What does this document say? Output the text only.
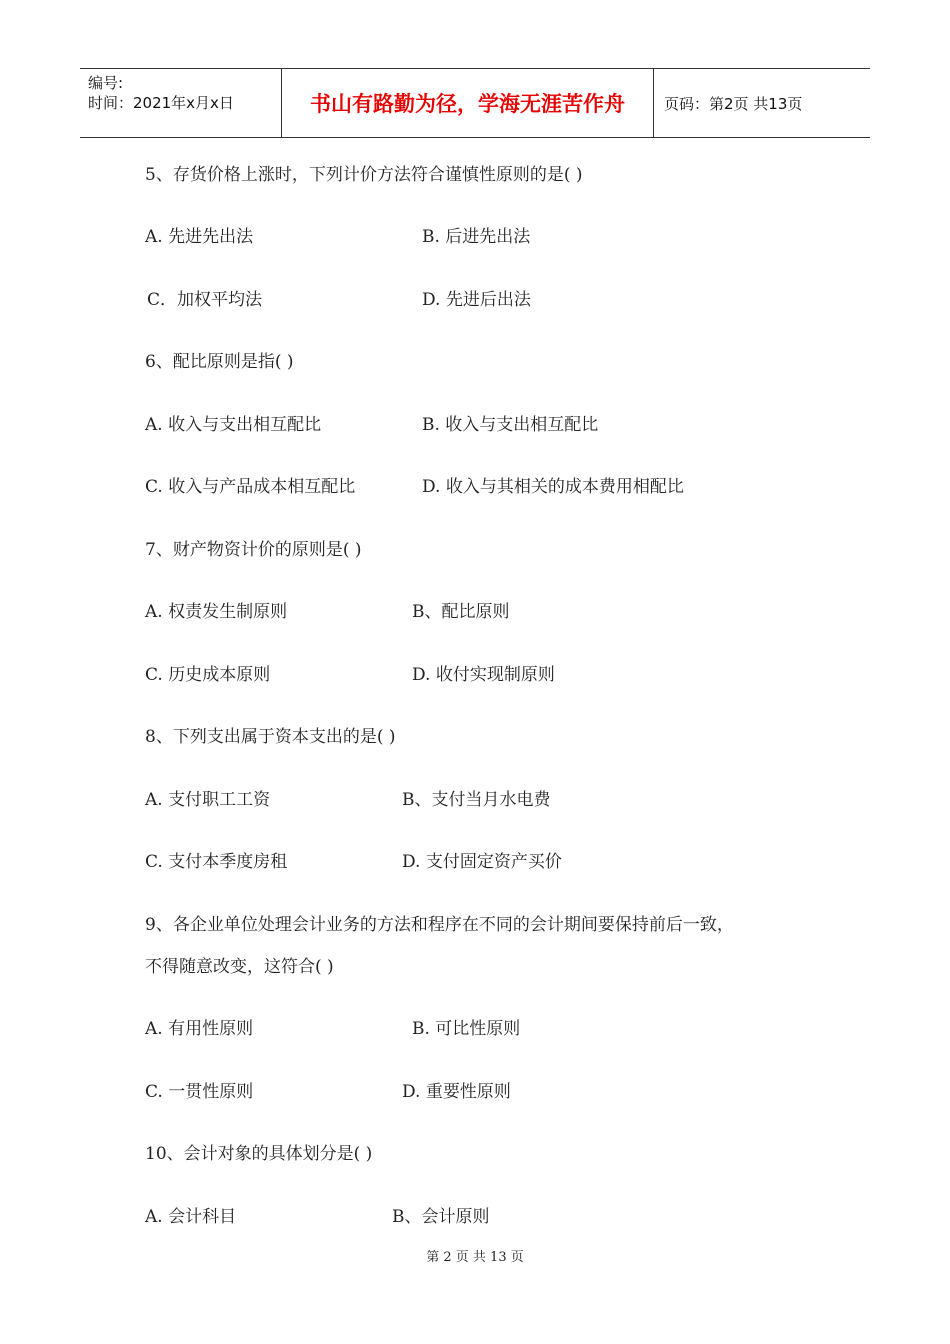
编号:
时间：2021年x月x日	书山有路勤为径，学海无涯苦作舟	页码：第2页 共13页
5、存货价格上涨时，下列计价方法符合谨慎性原则的是( )
A. 先进先出法	B. 后进先出法
C．加权平均法	D. 先进后出法
6、配比原则是指( )
A. 收入与支出相互配比	B. 收入与支出相互配比
C. 收入与产品成本相互配比	D. 收入与其相关的成本费用相配比
7、财产物资计价的原则是( )
A. 权责发生制原则	B、配比原则
C. 历史成本原则	D. 收付实现制原则
8、下列支出属于资本支出的是( )
A. 支付职工工资	B、支付当月水电费
C. 支付本季度房租	D. 支付固定资产买价
9、各企业单位处理会计业务的方法和程序在不同的会计期间要保持前后一致，
不得随意改变，这符合( )
A. 有用性原则	B. 可比性原则
C. 一贯性原则	D. 重要性原则
10、会计对象的具体划分是( )
A. 会计科目	B、会计原则
第 2 页 共 13 页
